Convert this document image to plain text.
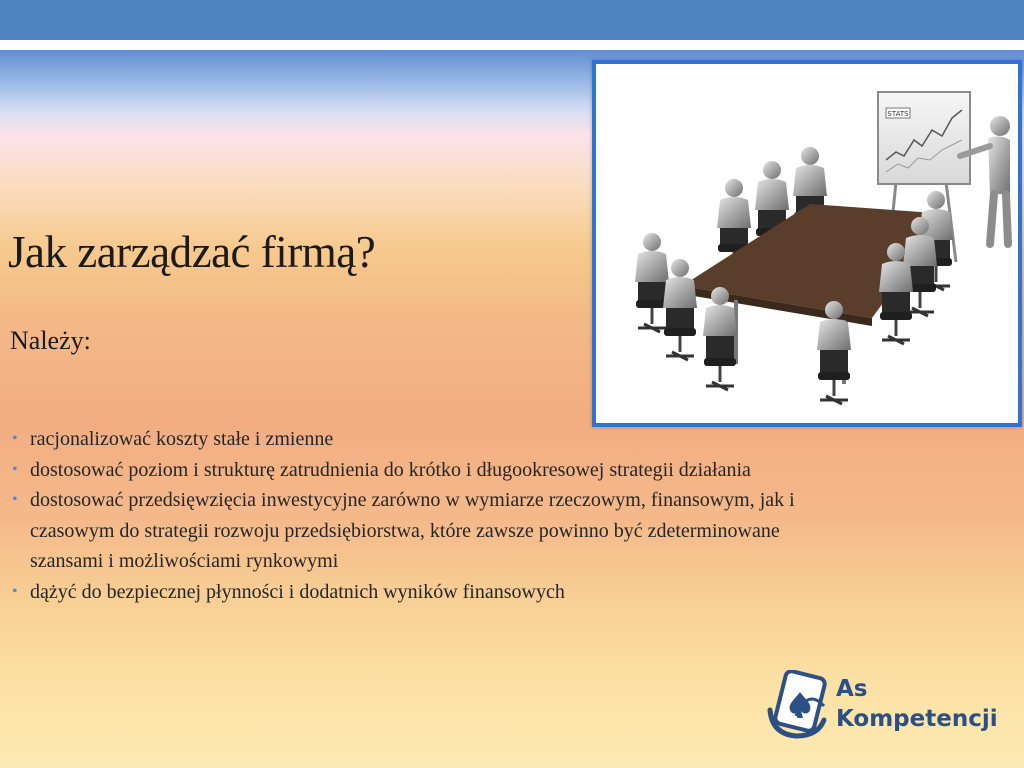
Jak zarządzać firmą?
Należy:
• racjonalizować koszty stałe i zmienne
• dostosować poziom i strukturę zatrudnienia do krótko i długookresowej strategii działania
• dostosować przedsięwzięcia inwestycyjne zarówno w wymiarze rzeczowym, finansowym, jak i czasowym do strategii rozwoju przedsiębiorstwa, które zawsze powinno być zdeterminowane szansami i możliwościami rynkowymi
• dążyć do bezpiecznej płynności i dodatnich wyników finansowych
STATS
As
Kompetencji
